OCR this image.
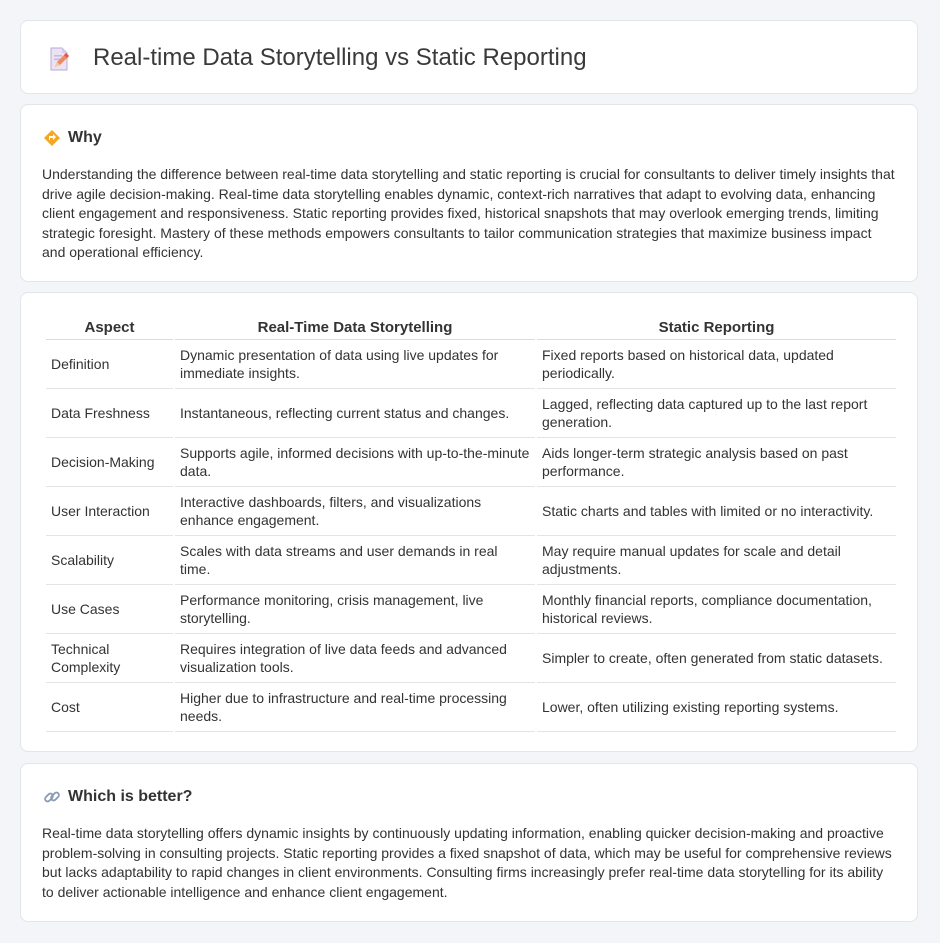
Real-time Data Storytelling vs Static Reporting
Why

Understanding the difference between real-time data storytelling and static reporting is crucial for consultants to deliver timely insights that drive agile decision-making. Real-time data storytelling enables dynamic, context-rich narratives that adapt to evolving data, enhancing client engagement and responsiveness. Static reporting provides fixed, historical snapshots that may overlook emerging trends, limiting strategic foresight. Mastery of these methods empowers consultants to tailor communication strategies that maximize business impact and operational efficiency.

Aspect	Real-Time Data Storytelling	Static Reporting
Definition	Dynamic presentation of data using live updates for immediate insights.	Fixed reports based on historical data, updated periodically.
Data Freshness	Instantaneous, reflecting current status and changes.	Lagged, reflecting data captured up to the last report generation.
Decision-Making	Supports agile, informed decisions with up-to-the-minute data.	Aids longer-term strategic analysis based on past performance.
User Interaction	Interactive dashboards, filters, and visualizations enhance engagement.	Static charts and tables with limited or no interactivity.
Scalability	Scales with data streams and user demands in real time.	May require manual updates for scale and detail adjustments.
Use Cases	Performance monitoring, crisis management, live storytelling.	Monthly financial reports, compliance documentation, historical reviews.
Technical Complexity	Requires integration of live data feeds and advanced visualization tools.	Simpler to create, often generated from static datasets.
Cost	Higher due to infrastructure and real-time processing needs.	Lower, often utilizing existing reporting systems.
Which is better?

Real-time data storytelling offers dynamic insights by continuously updating information, enabling quicker decision-making and proactive problem-solving in consulting projects. Static reporting provides a fixed snapshot of data, which may be useful for comprehensive reviews but lacks adaptability to rapid changes in client environments. Consulting firms increasingly prefer real-time data storytelling for its ability to deliver actionable intelligence and enhance client engagement.
